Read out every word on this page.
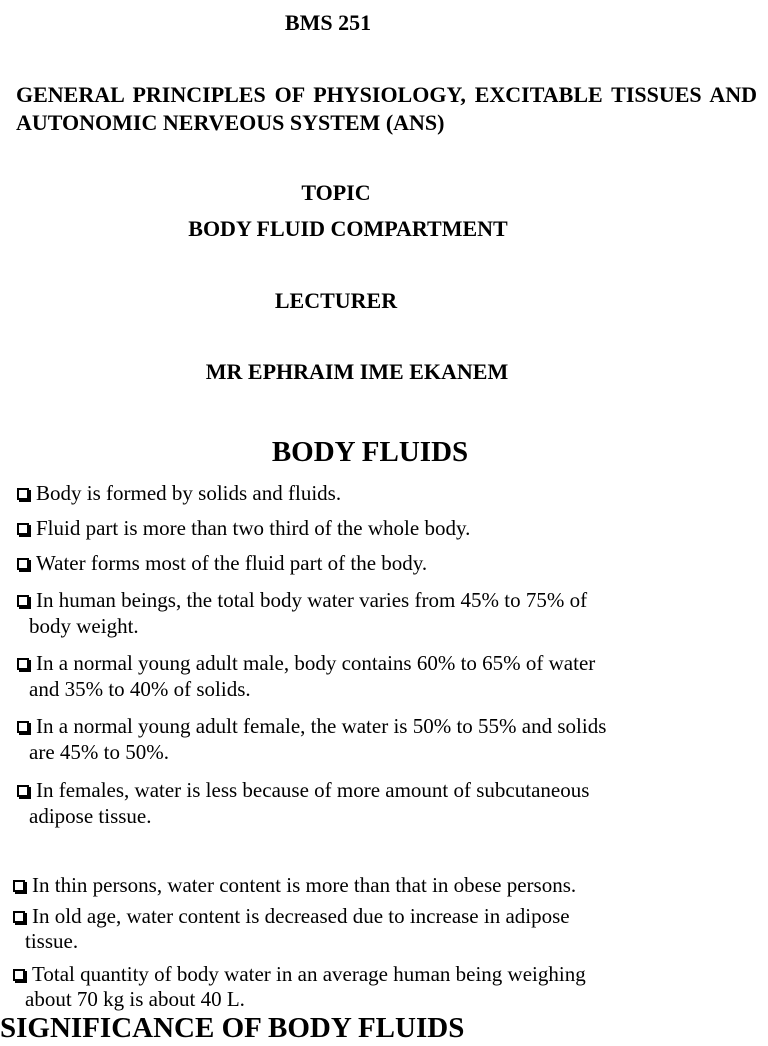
BMS 251

GENERAL PRINCIPLES OF PHYSIOLOGY, EXCITABLE TISSUES AND AUTONOMIC NERVEOUS SYSTEM (ANS)

TOPIC

BODY FLUID COMPARTMENT

LECTURER

MR EPHRAIM IME EKANEM

BODY FLUIDS
Body is formed by solids and fluids.
Fluid part is more than two third of the whole body.
Water forms most of the fluid part of the body.
In human beings, the total body water varies from 45% to 75% of
body weight.
In a normal young adult male, body contains 60% to 65% of water
and 35% to 40% of solids.
In a normal young adult female, the water is 50% to 55% and solids
are 45% to 50%.
In females, water is less because of more amount of subcutaneous
adipose tissue.
In thin persons, water content is more than that in obese persons.
In old age, water content is decreased due to increase in adipose
tissue.
Total quantity of body water in an average human being weighing
about 70 kg is about 40 L.
SIGNIFICANCE OF BODY FLUIDS
